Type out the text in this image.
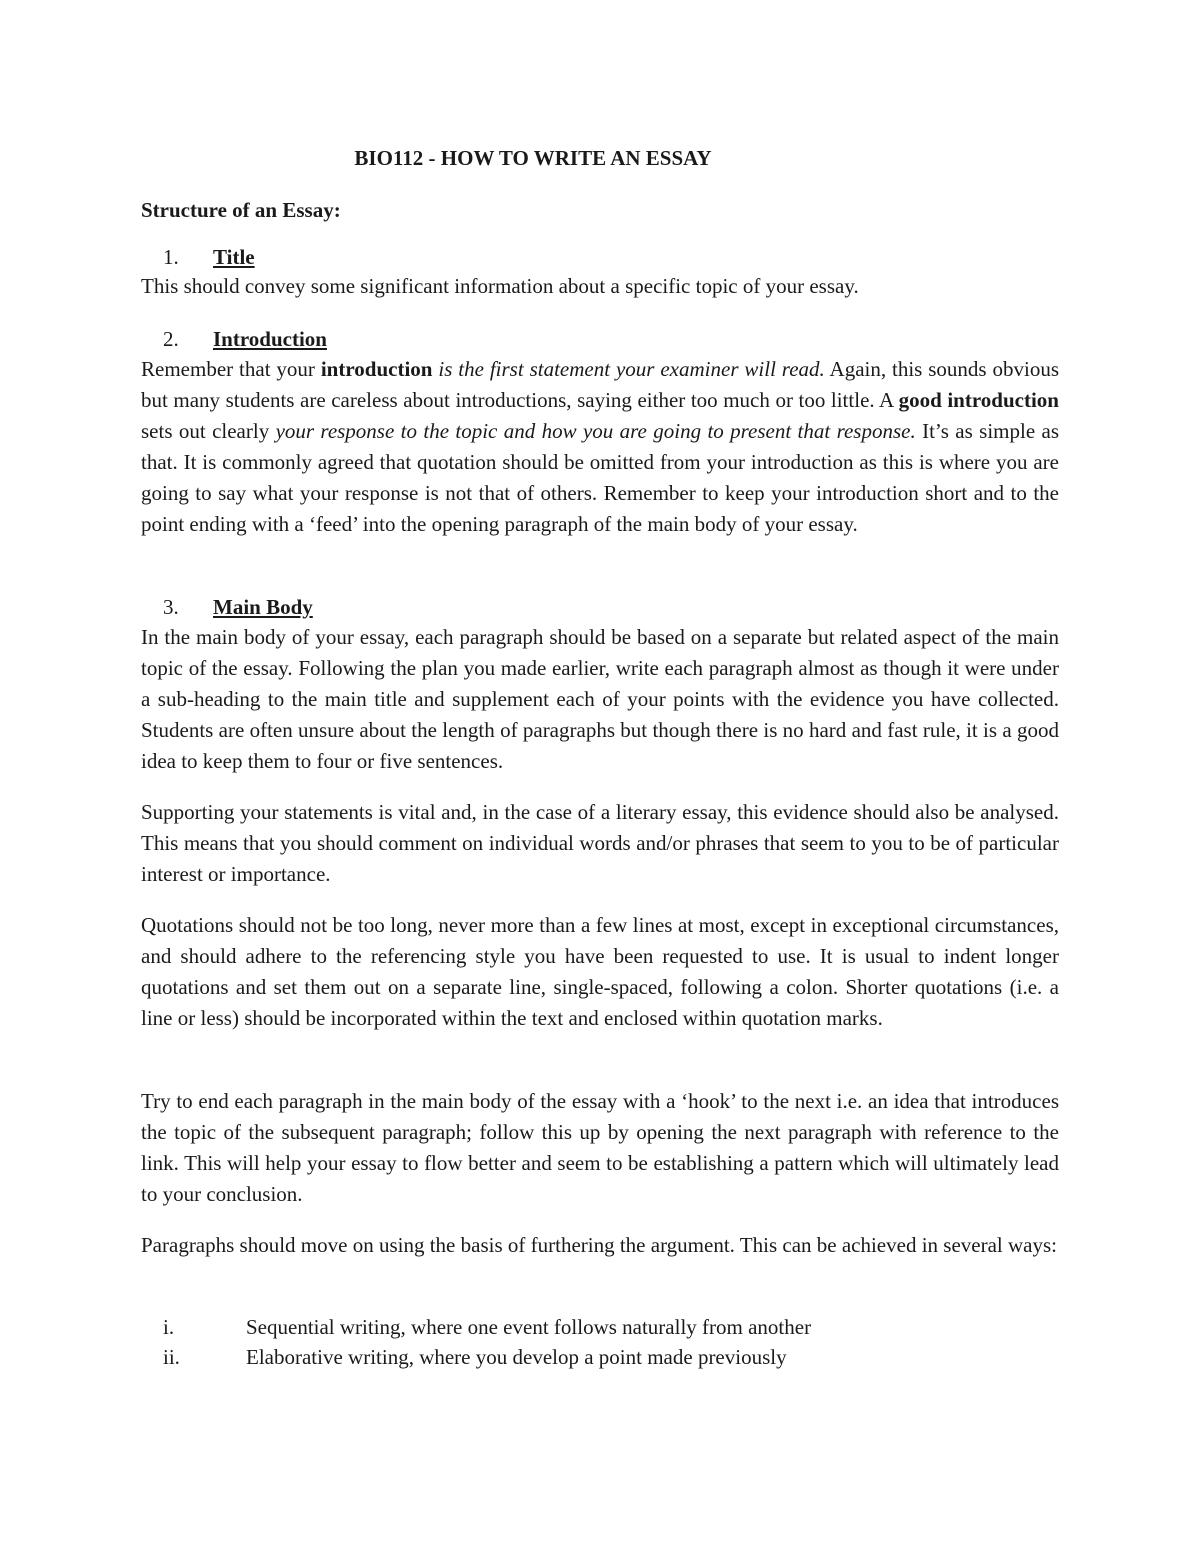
BIO112 - HOW TO WRITE AN ESSAY
Structure of an Essay:
1. Title

This should convey some significant information about a specific topic of your essay.

2. Introduction

Remember that your introduction is the first statement your examiner will read. Again, this sounds obvious but many students are careless about introductions, saying either too much or too little. A good introduction sets out clearly your response to the topic and how you are going to present that response. It’s as simple as that. It is commonly agreed that quotation should be omitted from your introduction as this is where you are going to say what your response is not that of others. Remember to keep your introduction short and to the point ending with a ‘feed’ into the opening paragraph of the main body of your essay.

3. Main Body

In the main body of your essay, each paragraph should be based on a separate but related aspect of the main topic of the essay. Following the plan you made earlier, write each paragraph almost as though it were under a sub-heading to the main title and supplement each of your points with the evidence you have collected. Students are often unsure about the length of paragraphs but though there is no hard and fast rule, it is a good idea to keep them to four or five sentences.

Supporting your statements is vital and, in the case of a literary essay, this evidence should also be analysed. This means that you should comment on individual words and/or phrases that seem to you to be of particular interest or importance.

Quotations should not be too long, never more than a few lines at most, except in exceptional circumstances, and should adhere to the referencing style you have been requested to use. It is usual to indent longer quotations and set them out on a separate line, single-spaced, following a colon. Shorter quotations (i.e. a line or less) should be incorporated within the text and enclosed within quotation marks.

Try to end each paragraph in the main body of the essay with a ‘hook’ to the next i.e. an idea that introduces the topic of the subsequent paragraph; follow this up by opening the next paragraph with reference to the link. This will help your essay to flow better and seem to be establishing a pattern which will ultimately lead to your conclusion.

Paragraphs should move on using the basis of furthering the argument. This can be achieved in several ways:

i.	Sequential writing, where one event follows naturally from another
ii.	Elaborative writing, where you develop a point made previously
